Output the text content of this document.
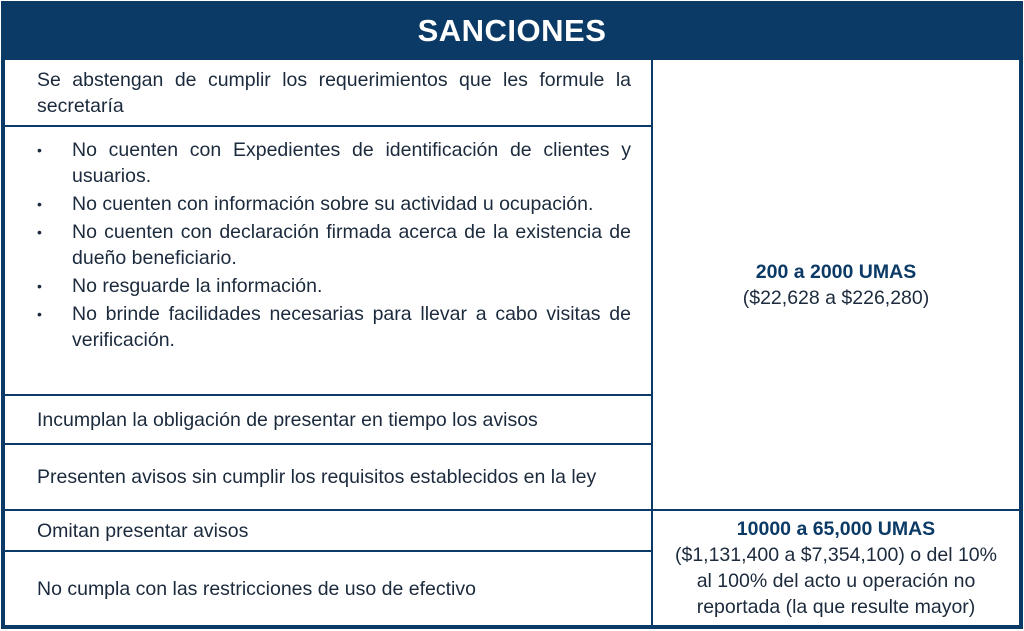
SANCIONES
Se abstengan de cumplir los requerimientos que les formule la secretaría
• No cuenten con Expedientes de identificación de clientes y usuarios.
• No cuenten con información sobre su actividad u ocupación.
• No cuenten con declaración firmada acerca de la existencia de dueño beneficiario.
• No resguarde la información.
• No brinde facilidades necesarias para llevar a cabo visitas de verificación.
Incumplan la obligación de presentar en tiempo los avisos
Presenten avisos sin cumplir los requisitos establecidos en la ley
200 a 2000 UMAS
($22,628 a $226,280)
Omitan presentar avisos
No cumpla con las restricciones de uso de efectivo
10000 a 65,000 UMAS
($1,131,400 a $7,354,100) o del 10% al 100% del acto u operación no reportada (la que resulte mayor)
